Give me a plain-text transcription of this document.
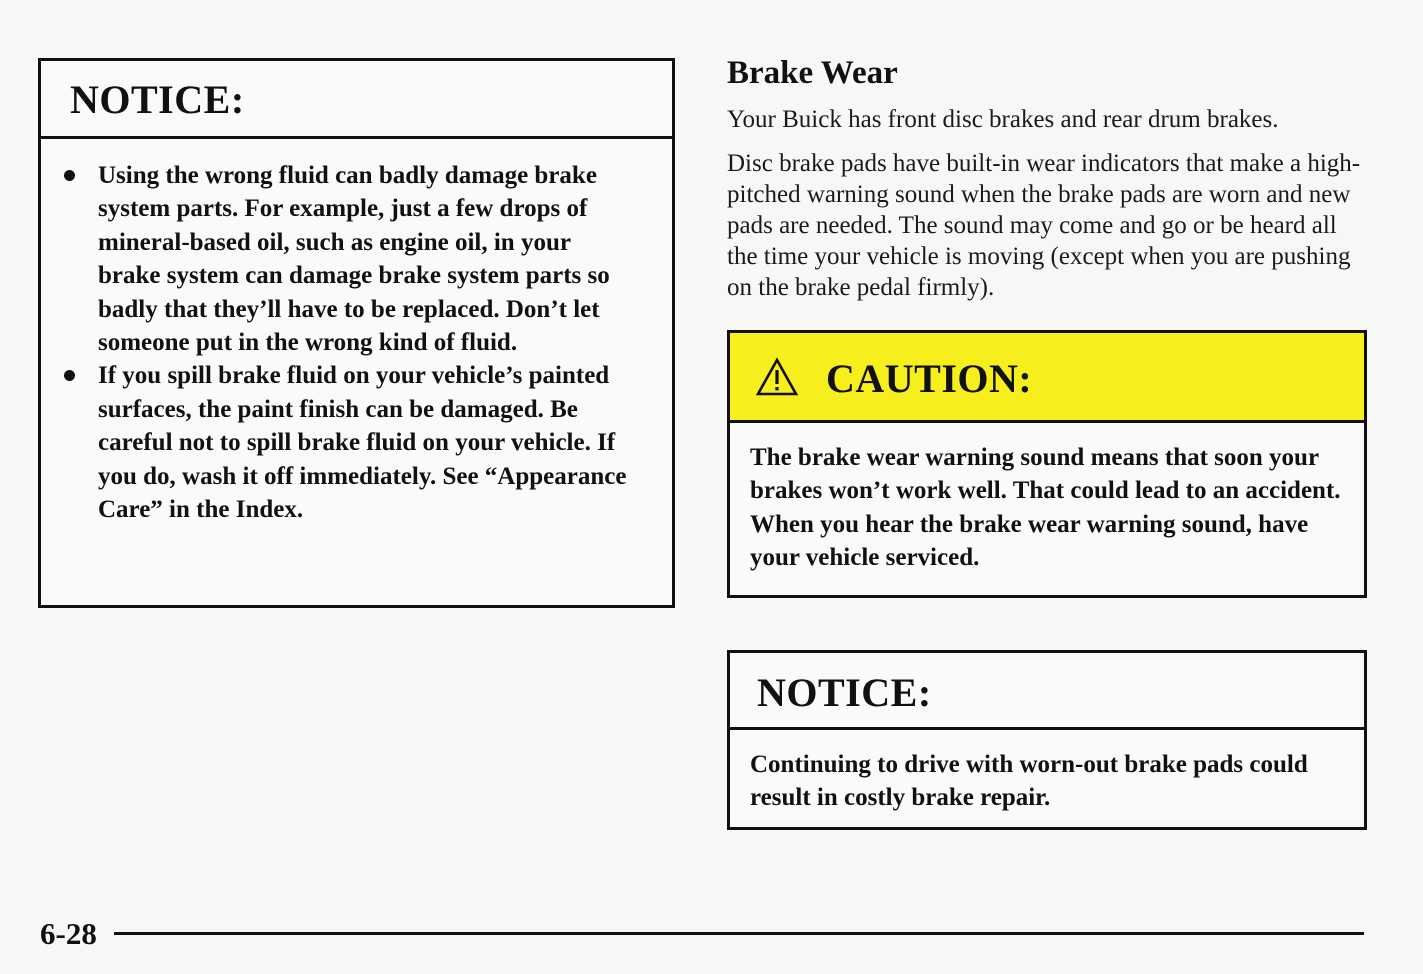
NOTICE:
Using the wrong fluid can badly damage brake system parts. For example, just a few drops of mineral-based oil, such as engine oil, in your brake system can damage brake system parts so badly that they’ll have to be replaced. Don’t let someone put in the wrong kind of fluid.
If you spill brake fluid on your vehicle’s painted surfaces, the paint finish can be damaged. Be careful not to spill brake fluid on your vehicle. If you do, wash it off immediately. See “Appearance Care” in the Index.
Brake Wear

Your Buick has front disc brakes and rear drum brakes.

Disc brake pads have built-in wear indicators that make a high-pitched warning sound when the brake pads are worn and new pads are needed. The sound may come and go or be heard all the time your vehicle is moving (except when you are pushing on the brake pedal firmly).

CAUTION:
The brake wear warning sound means that soon your brakes won’t work well. That could lead to an accident. When you hear the brake wear warning sound, have your vehicle serviced.
NOTICE:
Continuing to drive with worn-out brake pads could result in costly brake repair.
6-28
